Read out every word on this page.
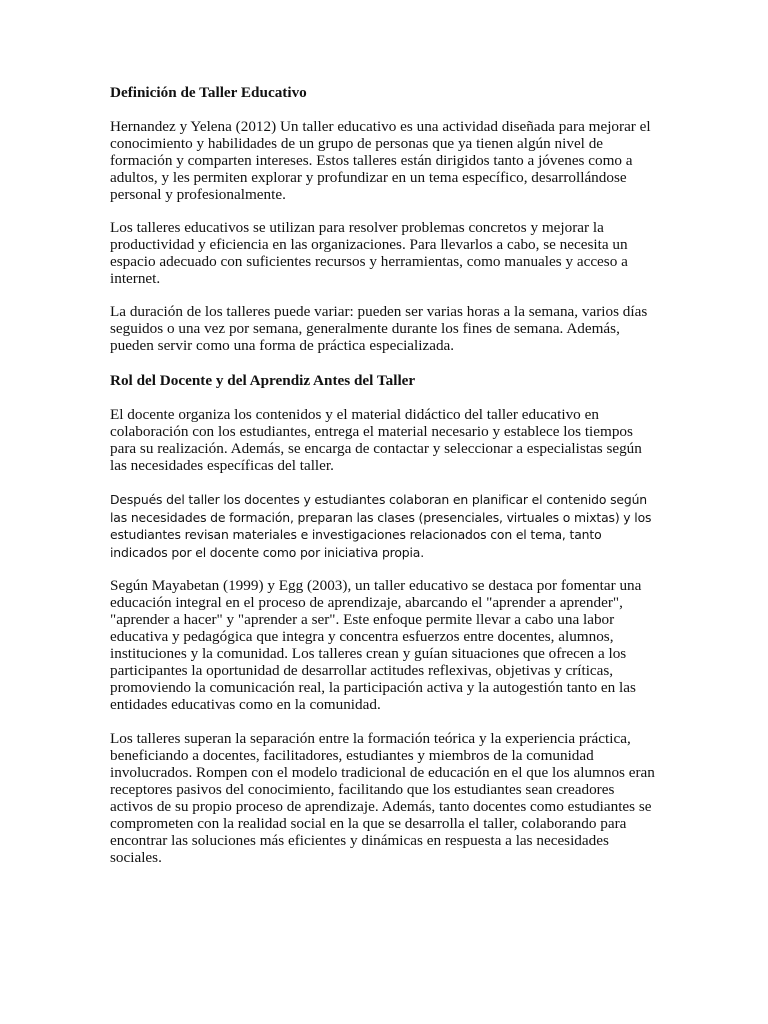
Definición de Taller Educativo

Hernandez y Yelena (2012) Un taller educativo es una actividad diseñada para mejorar el conocimiento y habilidades de un grupo de personas que ya tienen algún nivel de formación y comparten intereses. Estos talleres están dirigidos tanto a jóvenes como a adultos, y les permiten explorar y profundizar en un tema específico, desarrollándose personal y profesionalmente.

Los talleres educativos se utilizan para resolver problemas concretos y mejorar la productividad y eficiencia en las organizaciones. Para llevarlos a cabo, se necesita un espacio adecuado con suficientes recursos y herramientas, como manuales y acceso a internet.

La duración de los talleres puede variar: pueden ser varias horas a la semana, varios días seguidos o una vez por semana, generalmente durante los fines de semana. Además, pueden servir como una forma de práctica especializada.

Rol del Docente y del Aprendiz Antes del Taller

El docente organiza los contenidos y el material didáctico del taller educativo en colaboración con los estudiantes, entrega el material necesario y establece los tiempos para su realización. Además, se encarga de contactar y seleccionar a especialistas según las necesidades específicas del taller.

Después del taller los docentes y estudiantes colaboran en planificar el contenido según las necesidades de formación, preparan las clases (presenciales, virtuales o mixtas) y los estudiantes revisan materiales e investigaciones relacionados con el tema, tanto indicados por el docente como por iniciativa propia.

Según Mayabetan (1999) y Egg (2003), un taller educativo se destaca por fomentar una educación integral en el proceso de aprendizaje, abarcando el "aprender a aprender", "aprender a hacer" y "aprender a ser". Este enfoque permite llevar a cabo una labor educativa y pedagógica que integra y concentra esfuerzos entre docentes, alumnos, instituciones y la comunidad. Los talleres crean y guían situaciones que ofrecen a los participantes la oportunidad de desarrollar actitudes reflexivas, objetivas y críticas, promoviendo la comunicación real, la participación activa y la autogestión tanto en las entidades educativas como en la comunidad.

Los talleres superan la separación entre la formación teórica y la experiencia práctica, beneficiando a docentes, facilitadores, estudiantes y miembros de la comunidad involucrados. Rompen con el modelo tradicional de educación en el que los alumnos eran receptores pasivos del conocimiento, facilitando que los estudiantes sean creadores activos de su propio proceso de aprendizaje. Además, tanto docentes como estudiantes se comprometen con la realidad social en la que se desarrolla el taller, colaborando para encontrar las soluciones más eficientes y dinámicas en respuesta a las necesidades sociales.
